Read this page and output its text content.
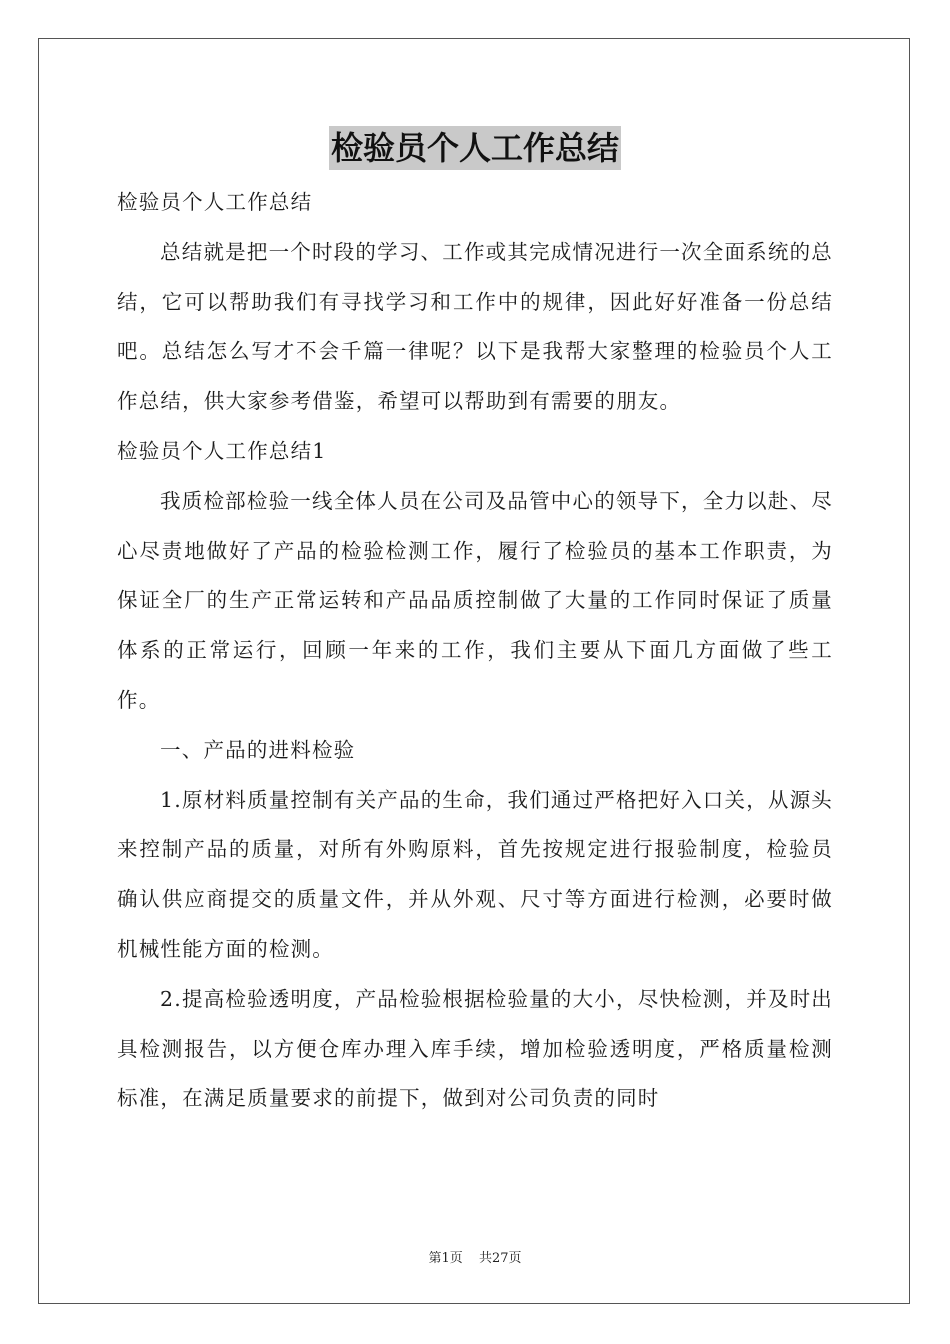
检验员个人工作总结

检验员个人工作总结

总结就是把一个时段的学习、工作或其完成情况进行一次全面系统的总结，它可以帮助我们有寻找学习和工作中的规律，因此好好准备一份总结吧。总结怎么写才不会千篇一律呢？以下是我帮大家整理的检验员个人工作总结，供大家参考借鉴，希望可以帮助到有需要的朋友。

检验员个人工作总结1

我质检部检验一线全体人员在公司及品管中心的领导下，全力以赴、尽心尽责地做好了产品的检验检测工作，履行了检验员的基本工作职责，为保证全厂的生产正常运转和产品品质控制做了大量的工作同时保证了质量体系的正常运行，回顾一年来的工作，我们主要从下面几方面做了些工作。

一、产品的进料检验

1.原材料质量控制有关产品的生命，我们通过严格把好入口关，从源头来控制产品的质量，对所有外购原料，首先按规定进行报验制度，检验员确认供应商提交的质量文件，并从外观、尺寸等方面进行检测，必要时做机械性能方面的检测。

2.提高检验透明度，产品检验根据检验量的大小，尽快检测，并及时出具检测报告，以方便仓库办理入库手续，增加检验透明度，严格质量检测标准，在满足质量要求的前提下，做到对公司负责的同时

第1页 共27页
